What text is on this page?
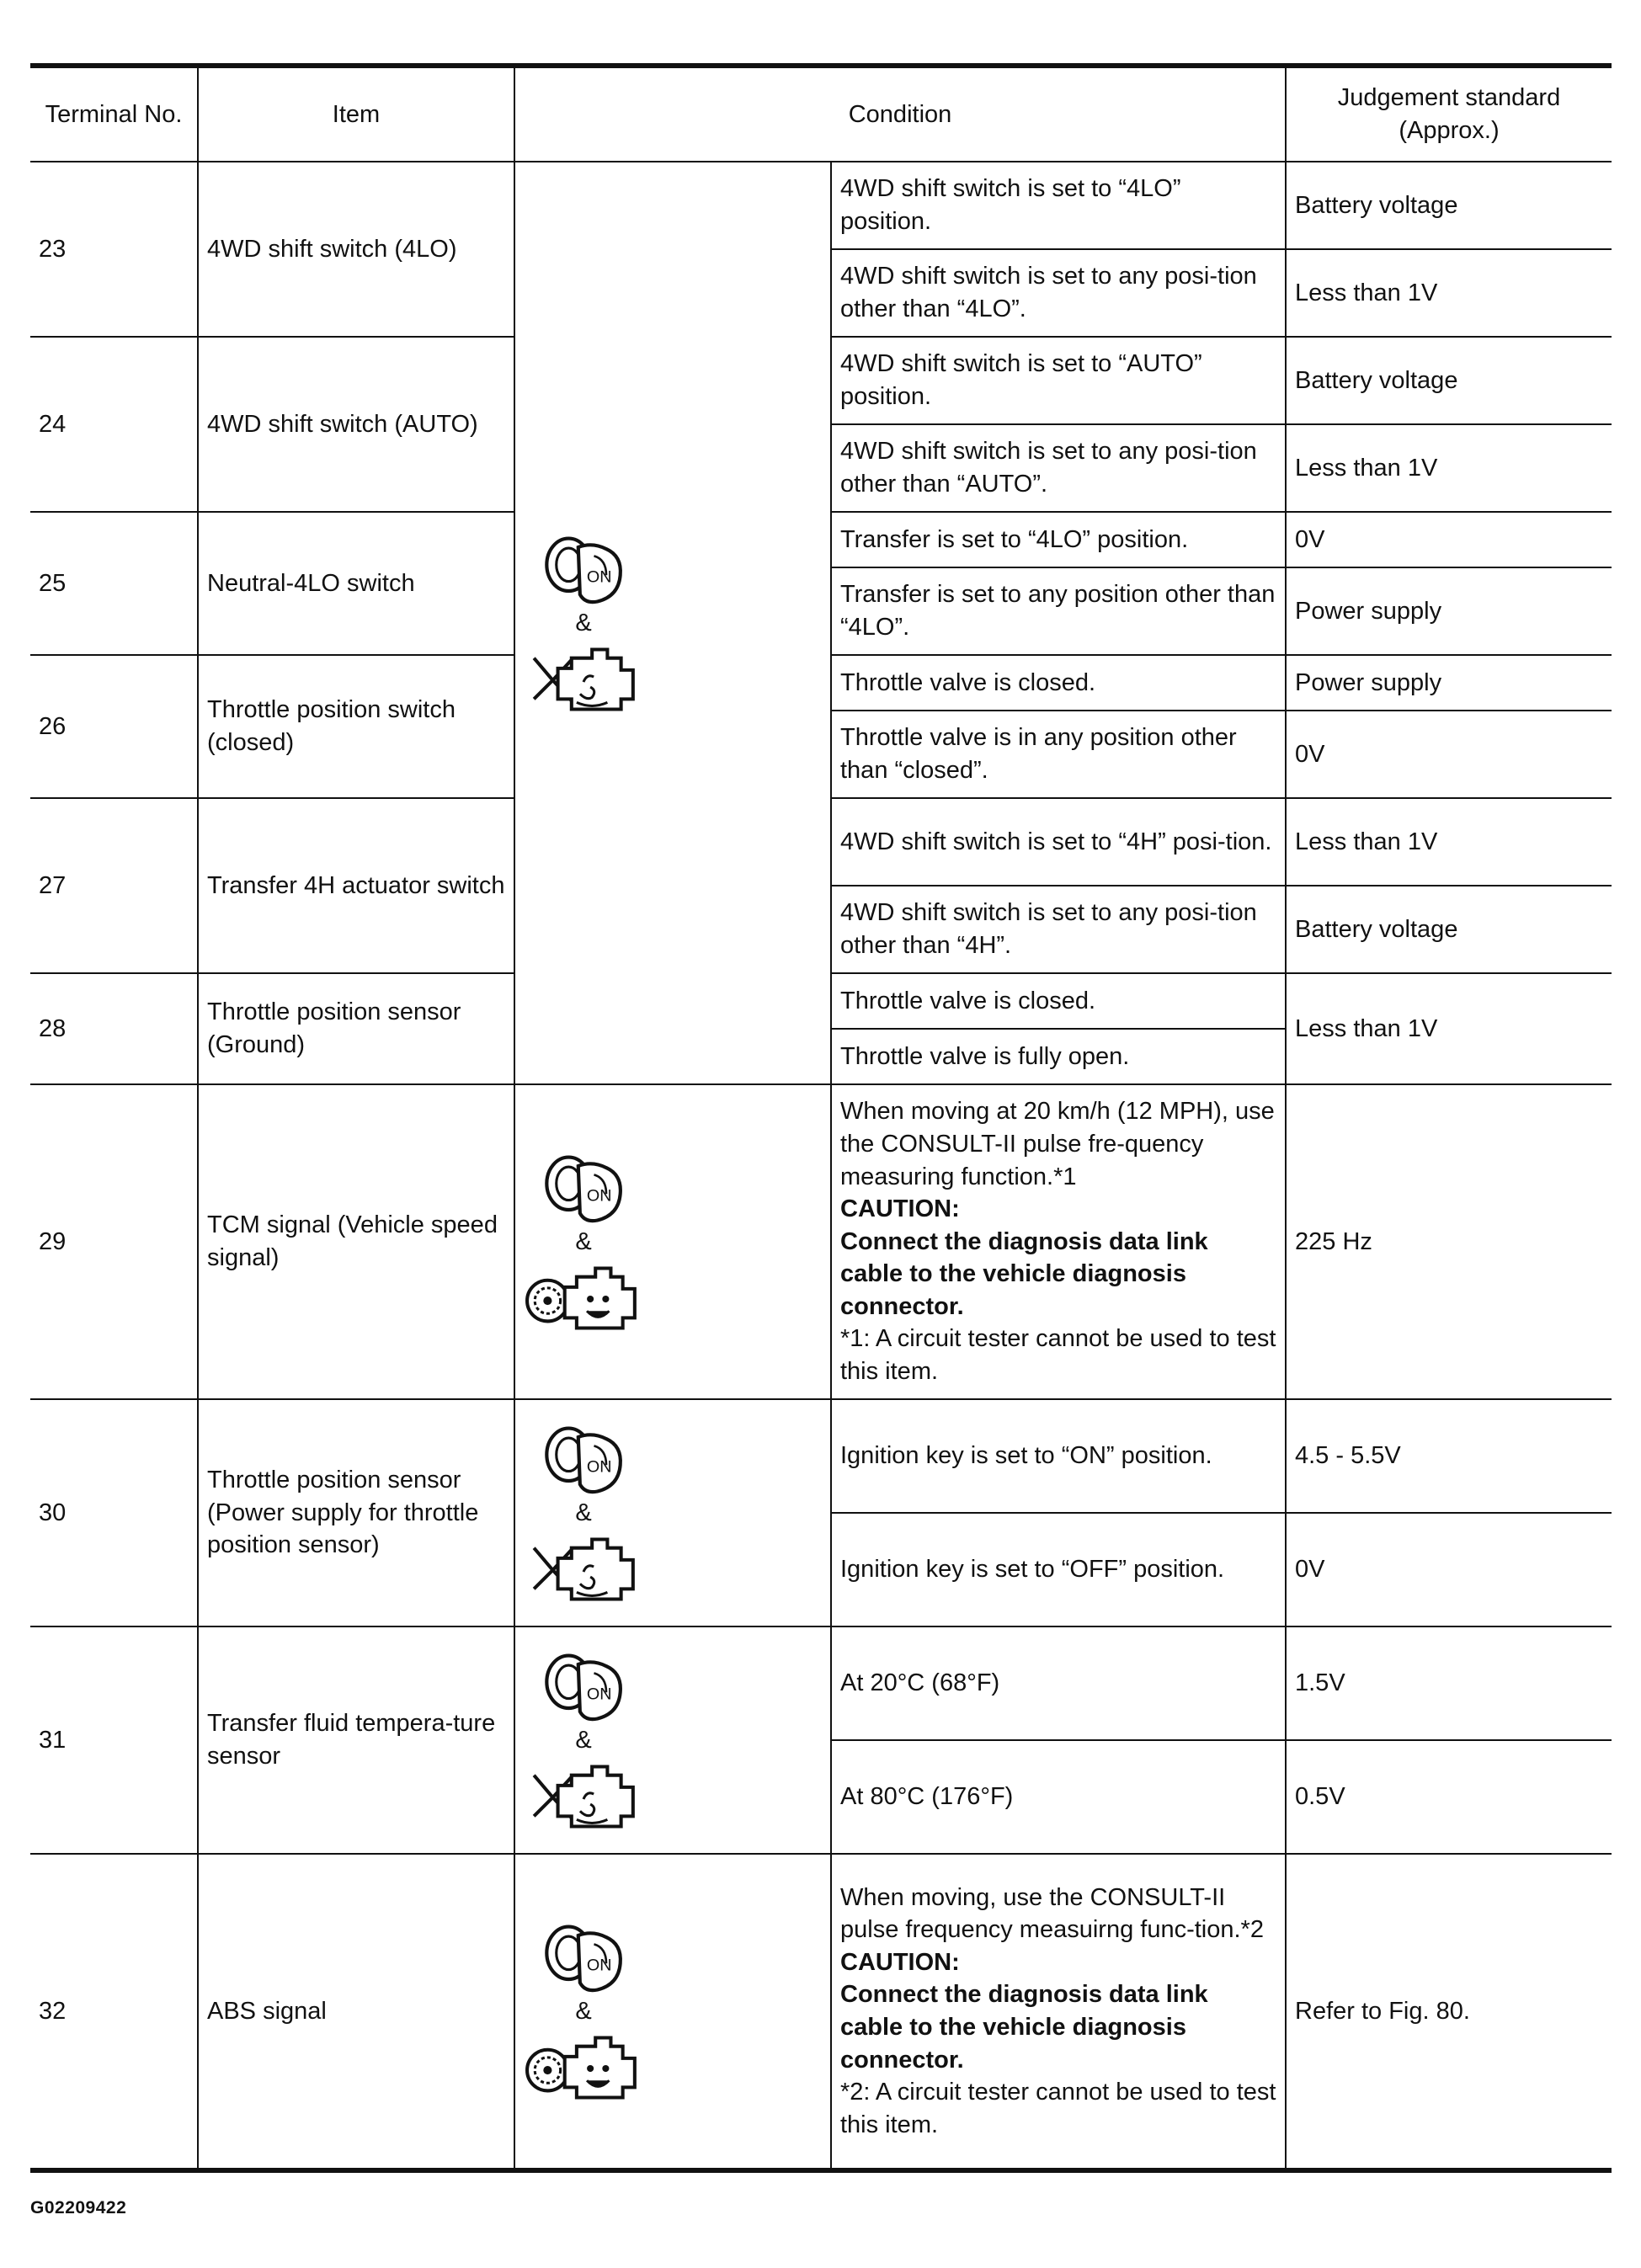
Terminal No.	Item	Condition		Judgement standard (Approx.)
23	4WD shift switch (4LO)	&	4WD shift switch is set to “4LO” position.	Battery voltage
			4WD shift switch is set to any posi-tion other than “4LO”.	Less than 1V
24	4WD shift switch (AUTO)		4WD shift switch is set to “AUTO” position.	Battery voltage
			4WD shift switch is set to any posi-tion other than “AUTO”.	Less than 1V
25	Neutral-4LO switch		Transfer is set to “4LO” position.	0V
			Transfer is set to any position other than “4LO”.	Power supply
26	Throttle position switch (closed)		Throttle valve is closed.	Power supply
			Throttle valve is in any position other than “closed”.	0V
27	Transfer 4H actuator switch		4WD shift switch is set to “4H” posi-tion.	Less than 1V
			4WD shift switch is set to any posi-tion other than “4H”.	Battery voltage
28	Throttle position sensor (Ground)		Throttle valve is closed.	Less than 1V
			Throttle valve is fully open.	
29	TCM signal (Vehicle speed signal)	&	When moving at 20 km/h (12 MPH), use the CONSULT-II pulse fre-quency measuring function.*1
CAUTION:
Connect the diagnosis data link cable to the vehicle diagnosis connector.
*1: A circuit tester cannot be used to test this item.	225 Hz
30	Throttle position sensor (Power supply for throttle position sensor)	&	Ignition key is set to “ON” position.	4.5 - 5.5V
			Ignition key is set to “OFF” position.	0V
31	Transfer fluid tempera-ture sensor	&	At 20°C (68°F)	1.5V
			At 80°C (176°F)	0.5V
32	ABS signal	&	When moving, use the CONSULT-II pulse frequency measuirng func-tion.*2
CAUTION:
Connect the diagnosis data link cable to the vehicle diagnosis connector.
*2: A circuit tester cannot be used to test this item.	Refer to Fig. 80.
G02209422
